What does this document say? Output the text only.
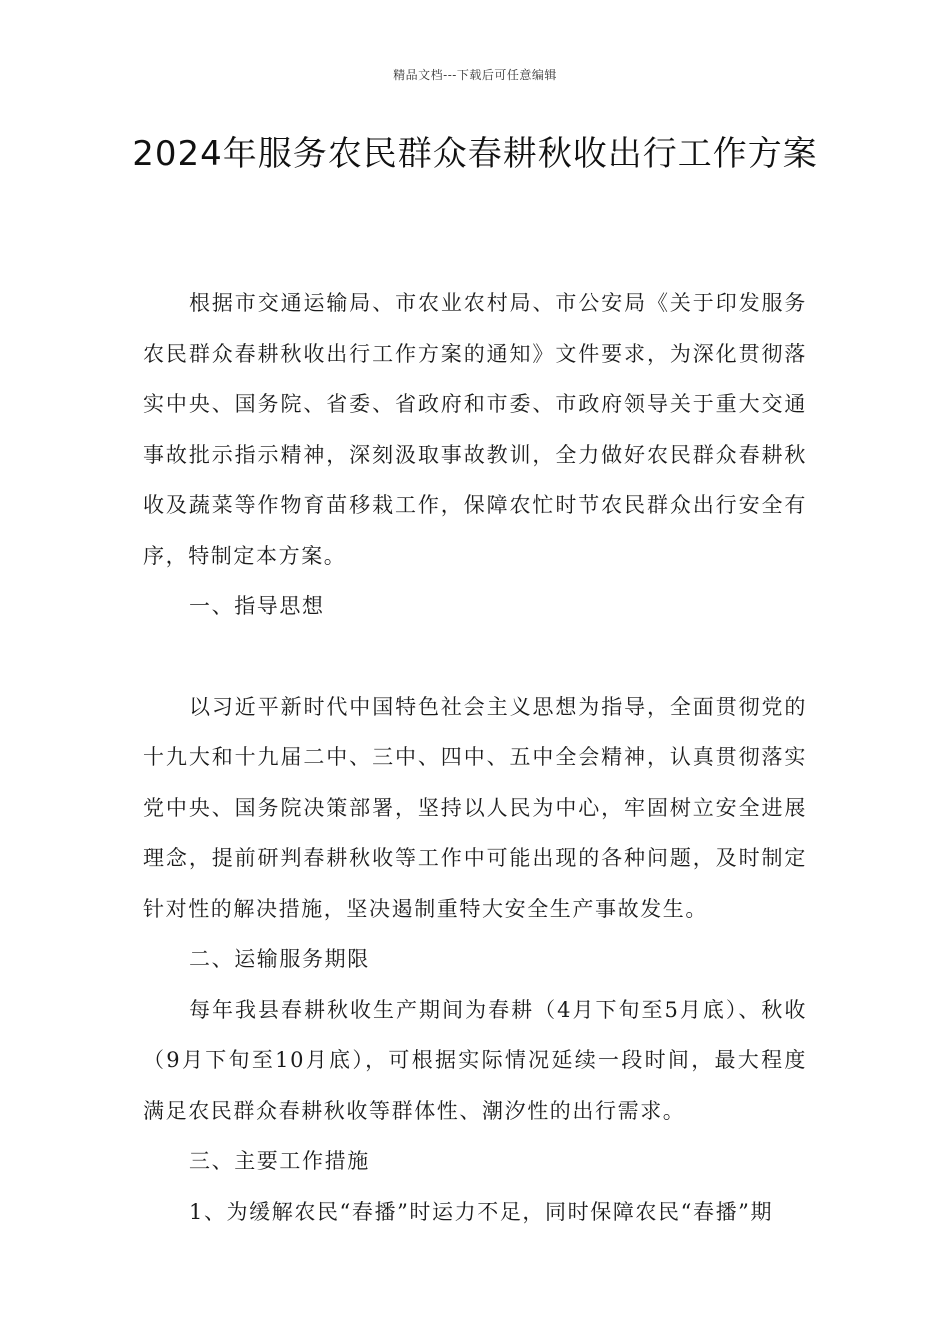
精品文档---下载后可任意编辑
2024年服务农民群众春耕秋收出行工作方案

根据市交通运输局、市农业农村局、市公安局《关于印发服务农民群众春耕秋收出行工作方案的通知》文件要求，为深化贯彻落实中央、国务院、省委、省政府和市委、市政府领导关于重大交通事故批示指示精神，深刻汲取事故教训，全力做好农民群众春耕秋收及蔬菜等作物育苗移栽工作，保障农忙时节农民群众出行安全有序，特制定本方案。

一、指导思想

以习近平新时代中国特色社会主义思想为指导，全面贯彻党的十九大和十九届二中、三中、四中、五中全会精神，认真贯彻落实党中央、国务院决策部署，坚持以人民为中心，牢固树立安全进展理念，提前研判春耕秋收等工作中可能出现的各种问题，及时制定针对性的解决措施，坚决遏制重特大安全生产事故发生。

二、运输服务期限

每年我县春耕秋收生产期间为春耕（4月下旬至5月底）、秋收（9月下旬至10月底），可根据实际情况延续一段时间，最大程度满足农民群众春耕秋收等群体性、潮汐性的出行需求。

三、主要工作措施

1、为缓解农民“春播”时运力不足，同时保障农民“春播”期
